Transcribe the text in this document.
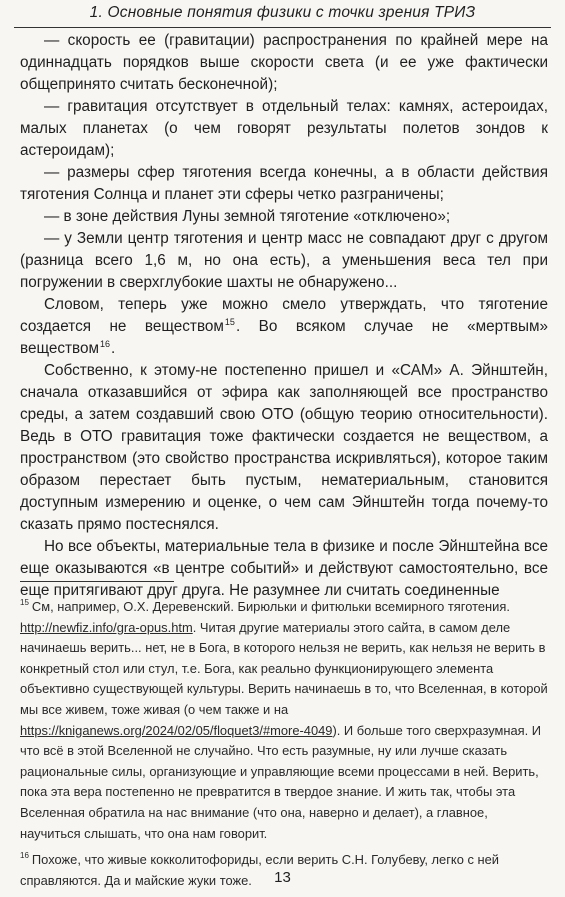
1. Основные понятия физики с точки зрения ТРИЗ

— скорость ее (гравитации) распространения по крайней мере на одиннадцать порядков выше скорости света (и ее уже фактически общепринято считать бесконечной);

— гравитация отсутствует в отдельный телах: камнях, астероидах, малых планетах (о чем говорят результаты полетов зондов к астероидам);

— размеры сфер тяготения всегда конечны, а в области действия тяготения Солнца и планет эти сферы четко разграничены;

— в зоне действия Луны земной тяготение «отключено»;

— у Земли центр тяготения и центр масс не совпадают друг с другом (разница всего 1,6 м, но она есть), а уменьшения веса тел при погружении в сверхглубокие шахты не обнаружено...

Словом, теперь уже можно смело утверждать, что тяготение создается не веществом$^{15}$. Во всяком случае не «мертвым» веществом$^{16}$.

Собственно, к этому-не постепенно пришел и «САМ» А. Эйнштейн, сначала отказавшийся от эфира как заполняющей все пространство среды, а затем создавший свою ОТО (общую теорию относительности). Ведь в ОТО гравитация тоже фактически создается не веществом, а пространством (это свойство пространства искривляться), которое таким образом перестает быть пустым, нематериальным, становится доступным измерению и оценке, о чем сам Эйнштейн тогда почему-то сказать прямо постеснялся.

Но все объекты, материальные тела в физике и после Эйнштейна все еще оказываются «в центре событий» и действуют самостоятельно, все еще притягивают друг друга. Не разумнее ли считать соединенные

$^{15}$ См, например, О.Х. Деревенский. Бирюльки и фитюльки всемирного тяготения. http://newfiz.info/gra-opus.htm. Читая другие материалы этого сайта, в самом деле начинаешь верить... нет, не в Бога, в которого нельзя не верить, как нельзя не верить в конкретный стол или стул, т.е. Бога, как реально функционирующего элемента объективно существующей культуры. Верить начинаешь в то, что Вселенная, в которой мы все живем, тоже живая (о чем также и на https://kniganews.org/2024/02/05/floquet3/#more-4049). И больше того сверхразумная. И что всё в этой Вселенной не случайно. Что есть разумные, ну или лучше сказать рациональные силы, организующие и управляющие всеми процессами в ней. Верить, пока эта вера постепенно не превратится в твердое знание. И жить так, чтобы эта Вселенная обратила на нас внимание (что она, наверно и делает), а главное, научиться слышать, что она нам говорит.

$^{16}$ Похоже, что живые кокколитофориды, если верить С.Н. Голубеву, легко с ней справляются. Да и майские жуки тоже.	13
